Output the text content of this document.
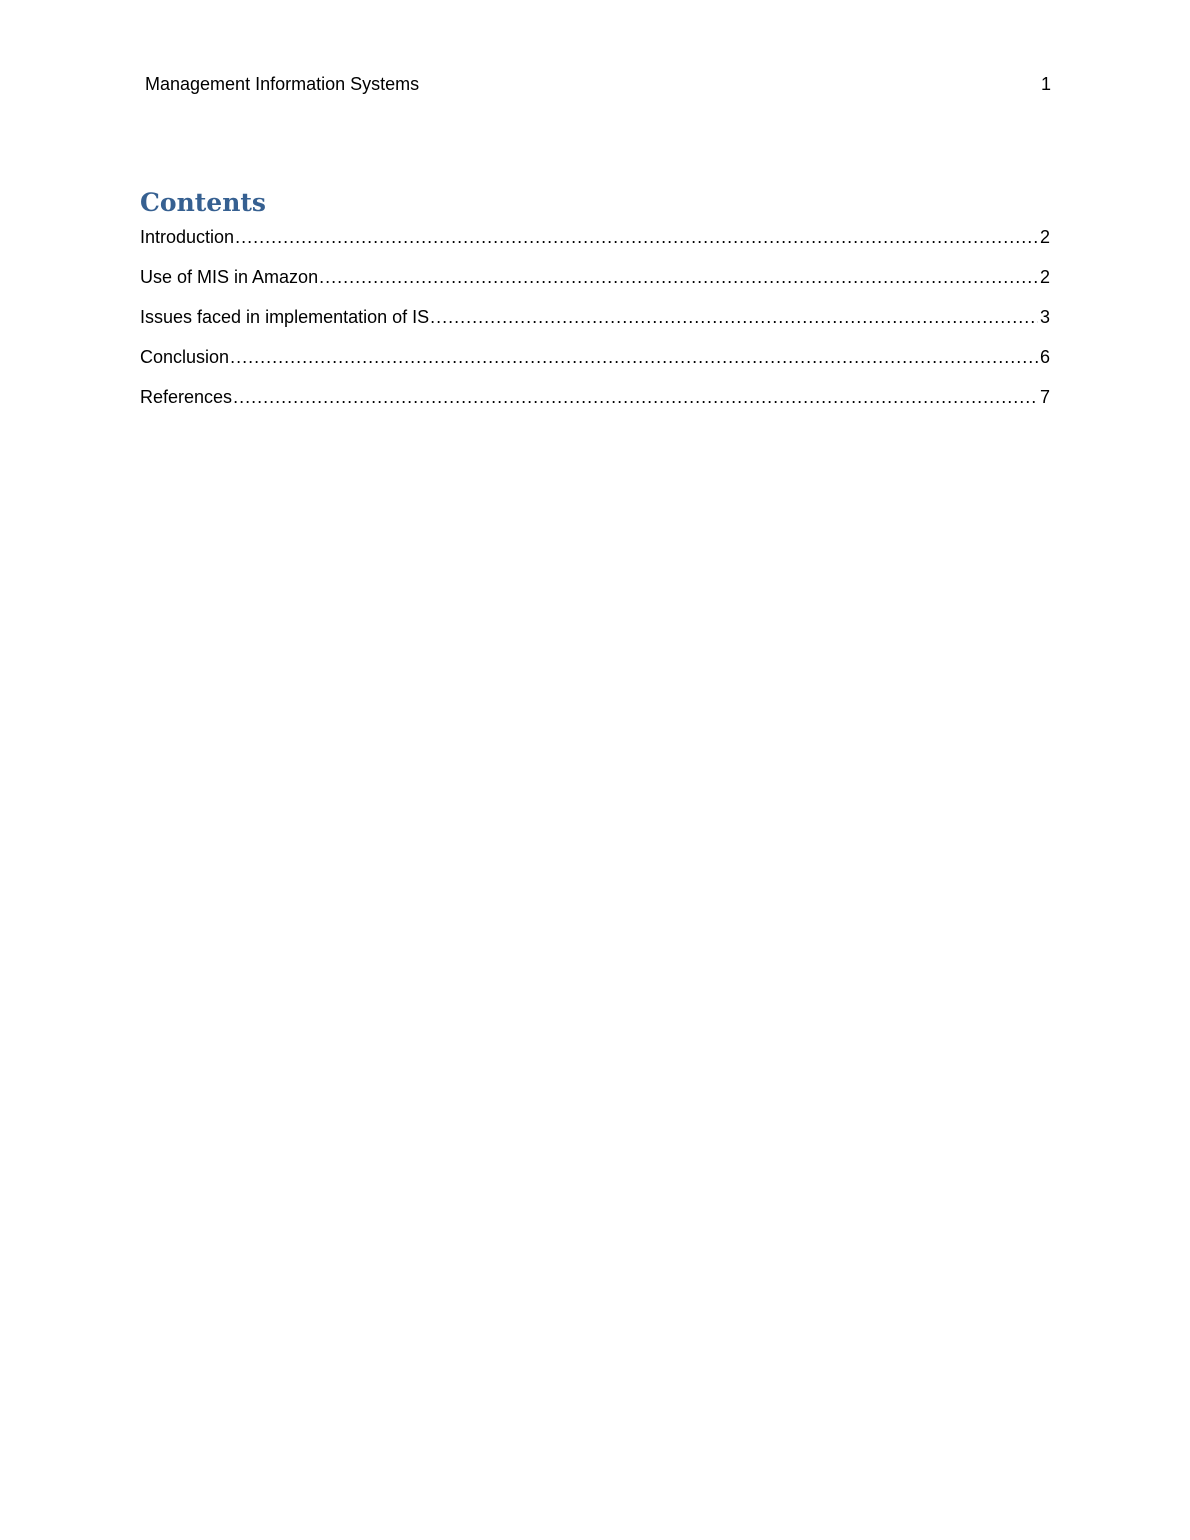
Management Information Systems	1
Contents
Introduction .....	2
Use of MIS in Amazon .....	2
Issues faced in implementation of IS .....	3
Conclusion .....	6
References .....	7
